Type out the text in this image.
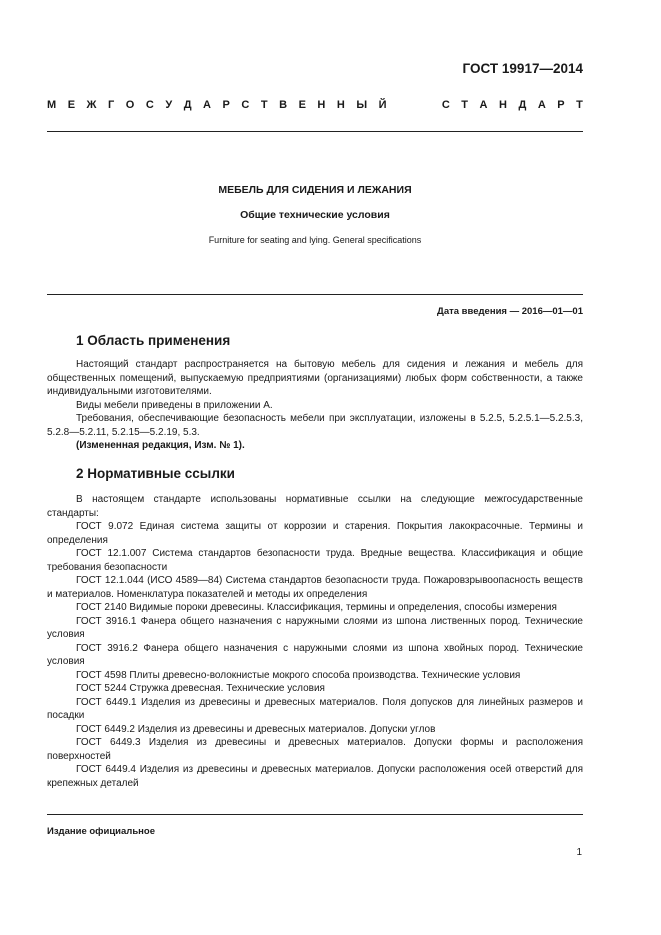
ГОСТ 19917—2014
М Е Ж Г О С У Д А Р С Т В Е Н Н Ы Й

	С Т А Н Д А Р Т
МЕБЕЛЬ ДЛЯ СИДЕНИЯ И ЛЕЖАНИЯ
Общие технические условия
Furniture for seating and lying. General specifications
Дата введения — 2016—01—01
1 Область применения

Настоящий стандарт распространяется на бытовую мебель для сидения и лежания и мебель для общественных помещений, выпускаемую предприятиями (организациями) любых форм собственности, а также индивидуальными изготовителями.

Виды мебели приведены в приложении А.

Требования, обеспечивающие безопасность мебели при эксплуатации, изложены в 5.2.5, 5.2.5.1—5.2.5.3, 5.2.8—5.2.11, 5.2.15—5.2.19, 5.3.

(Измененная редакция, Изм. № 1).

2 Нормативные ссылки

В настоящем стандарте использованы нормативные ссылки на следующие межгосударственные стандарты:

ГОСТ 9.072 Единая система защиты от коррозии и старения. Покрытия лакокрасочные. Термины и определения

ГОСТ 12.1.007 Система стандартов безопасности труда. Вредные вещества. Классификация и общие требования безопасности

ГОСТ 12.1.044 (ИСО 4589—84) Система стандартов безопасности труда. Пожаровзрывоопасность веществ и материалов. Номенклатура показателей и методы их определения

ГОСТ 2140 Видимые пороки древесины. Классификация, термины и определения, способы измерения

ГОСТ 3916.1 Фанера общего назначения с наружными слоями из шпона лиственных пород. Технические условия

ГОСТ 3916.2 Фанера общего назначения с наружными слоями из шпона хвойных пород. Технические условия

ГОСТ 4598 Плиты древесно-волокнистые мокрого способа производства. Технические условия

ГОСТ 5244 Стружка древесная. Технические условия

ГОСТ 6449.1 Изделия из древесины и древесных материалов. Поля допусков для линейных размеров и посадки

ГОСТ 6449.2 Изделия из древесины и древесных материалов. Допуски углов

ГОСТ 6449.3 Изделия из древесины и древесных материалов. Допуски формы и расположения поверхностей

ГОСТ 6449.4 Изделия из древесины и древесных материалов. Допуски расположения осей отверстий для крепежных деталей

Издание официальное
1
